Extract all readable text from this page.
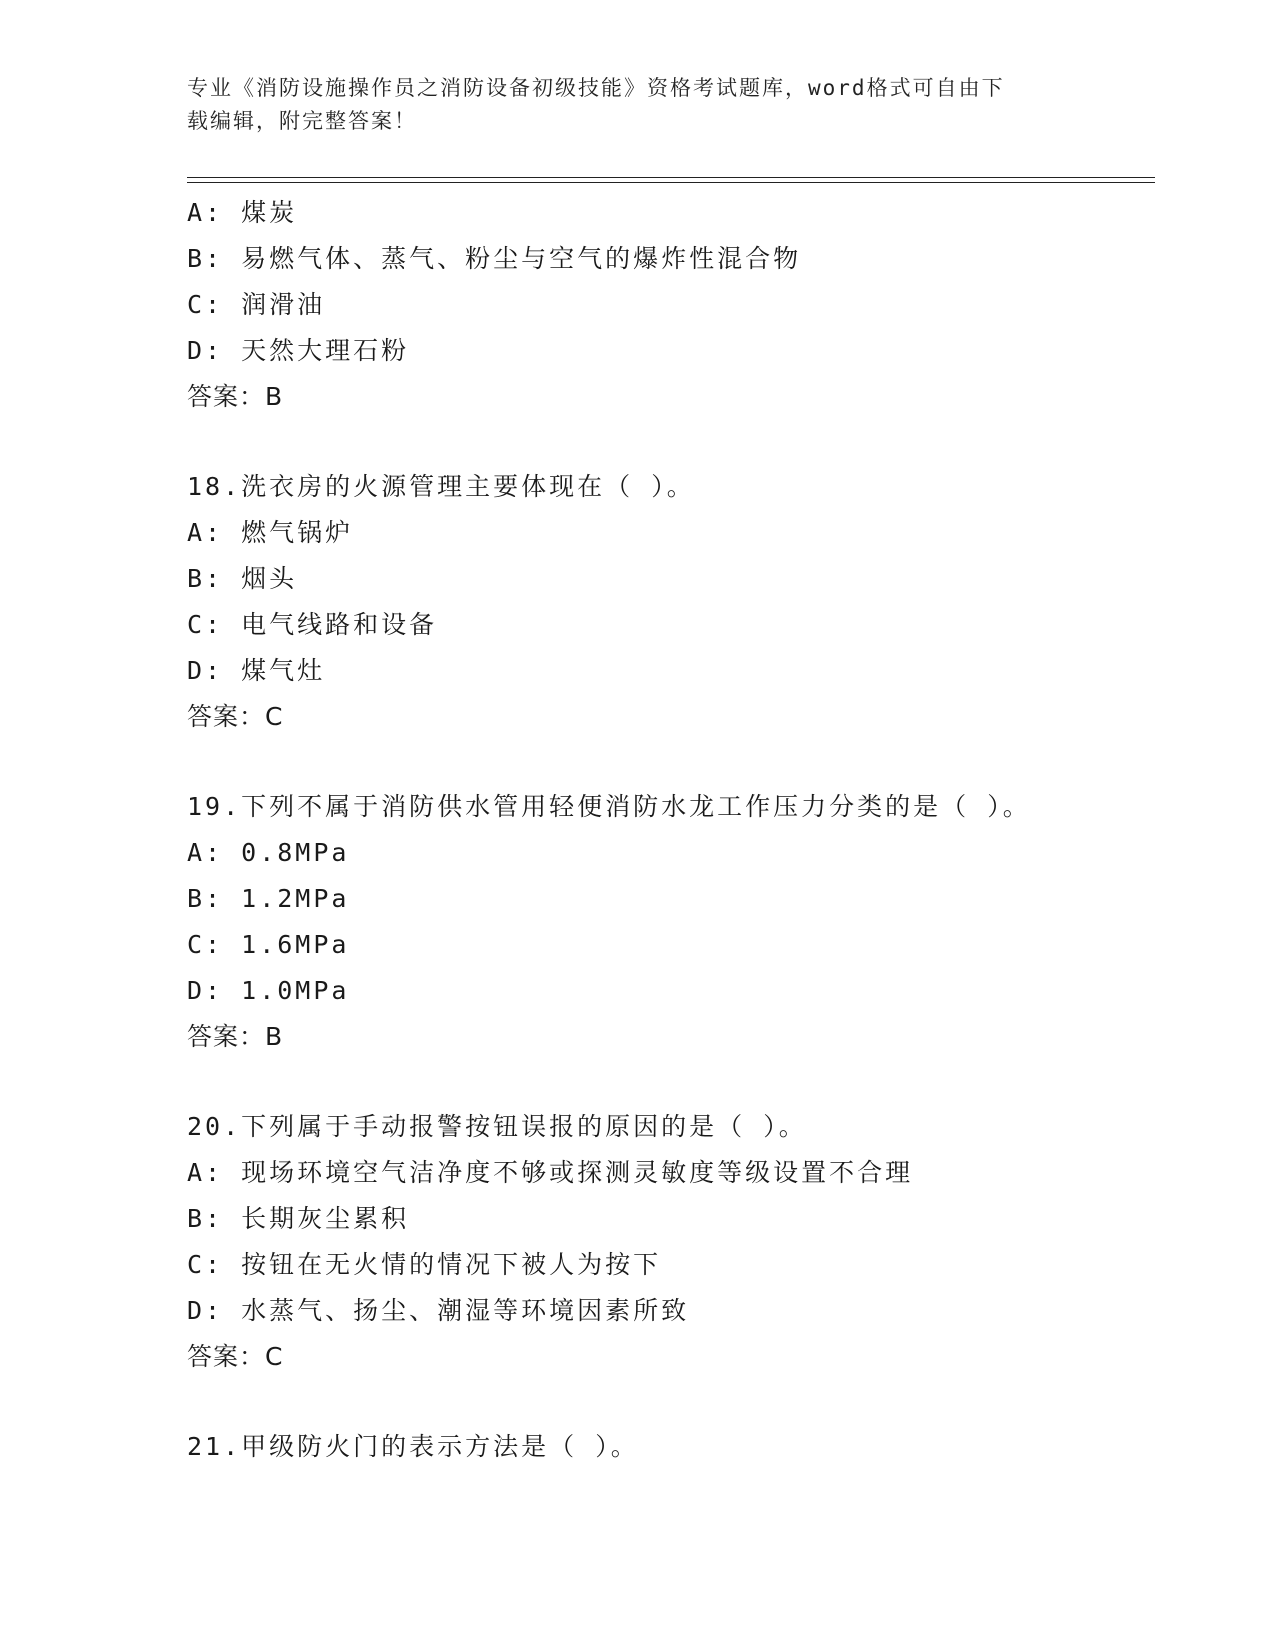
专业《消防设施操作员之消防设备初级技能》资格考试题库，word格式可自由下
载编辑，附完整答案！
A: 煤炭
B: 易燃气体、蒸气、粉尘与空气的爆炸性混合物
C: 润滑油
D: 天然大理石粉
答案：B
18.洗衣房的火源管理主要体现在（ ）。
A: 燃气锅炉
B: 烟头
C: 电气线路和设备
D: 煤气灶
答案：C
19.下列不属于消防供水管用轻便消防水龙工作压力分类的是（ ）。
A: 0.8MPa
B: 1.2MPa
C: 1.6MPa
D: 1.0MPa
答案：B
20.下列属于手动报警按钮误报的原因的是（ ）。
A: 现场环境空气洁净度不够或探测灵敏度等级设置不合理
B: 长期灰尘累积
C: 按钮在无火情的情况下被人为按下
D: 水蒸气、扬尘、潮湿等环境因素所致
答案：C
21.甲级防火门的表示方法是（ ）。
